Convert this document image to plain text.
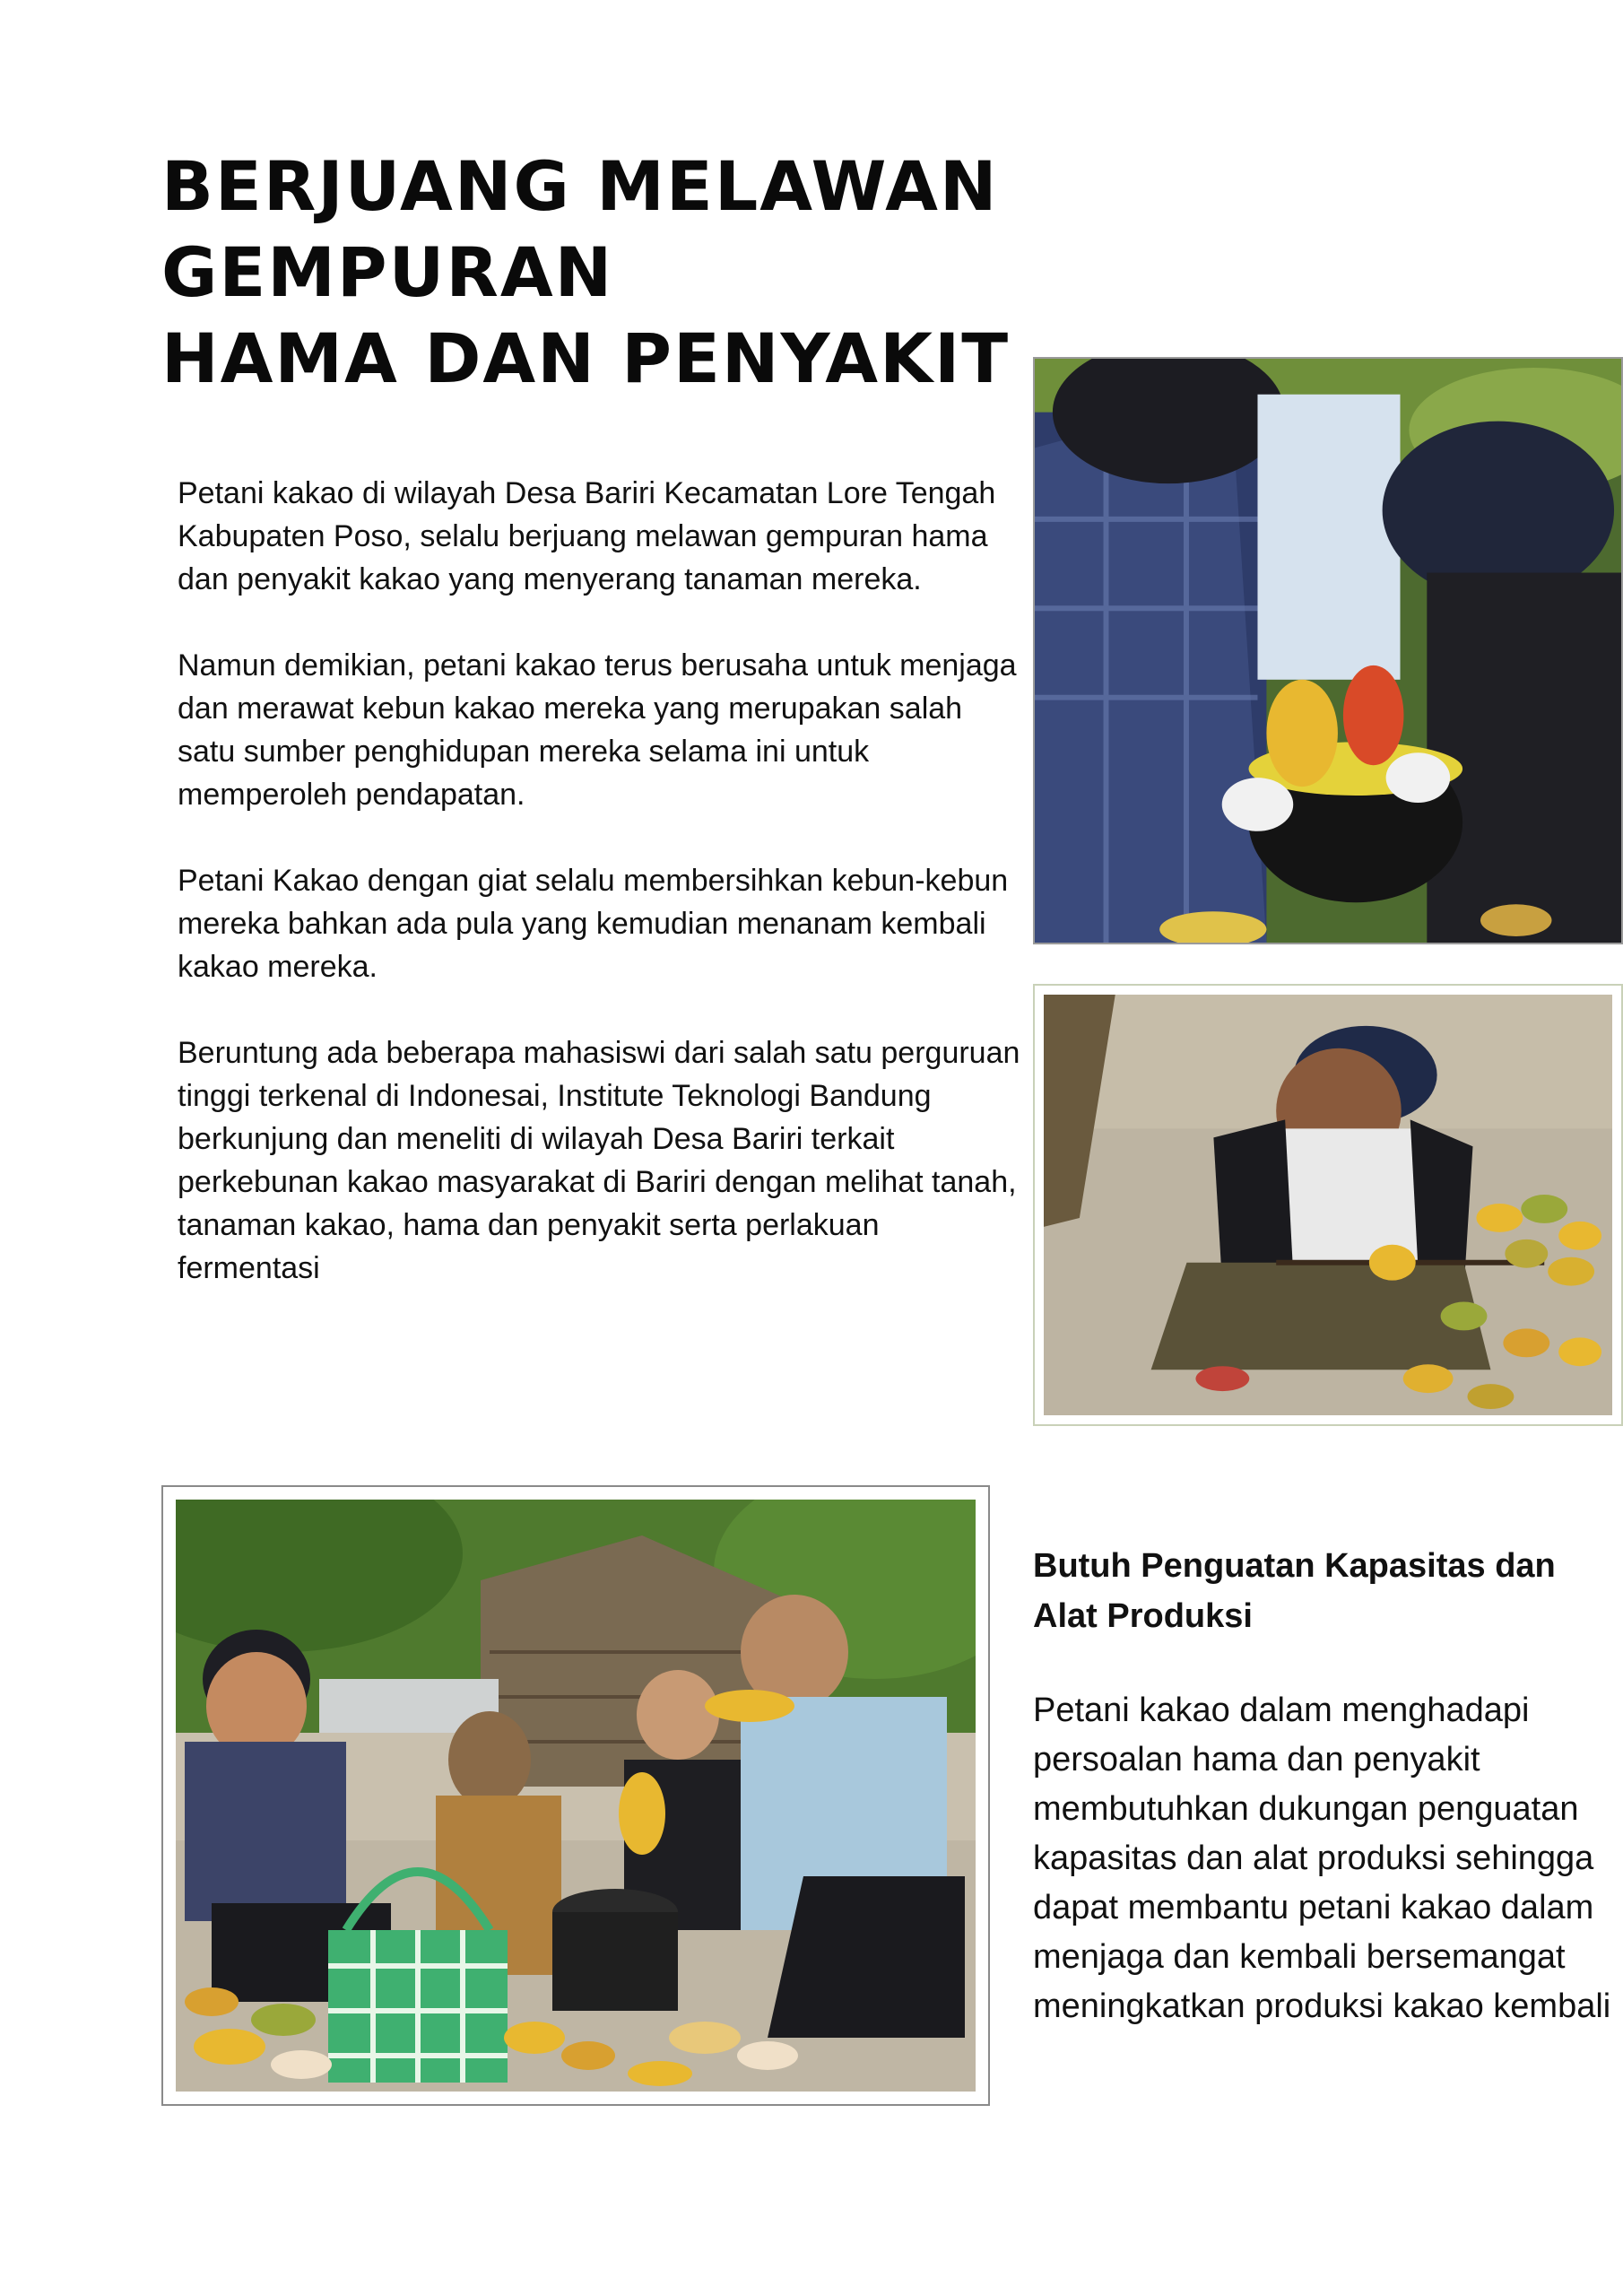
BERJUANG MELAWAN GEMPURAN
HAMA DAN PENYAKIT

Petani kakao di wilayah Desa Bariri Kecamatan Lore Tengah Kabupaten Poso, selalu berjuang melawan gempuran hama dan penyakit kakao yang menyerang tanaman mereka.

Namun demikian, petani kakao terus berusaha untuk menjaga dan merawat kebun kakao mereka yang merupakan salah satu sumber penghidupan mereka selama ini untuk memperoleh pendapatan.

Petani Kakao dengan giat selalu membersihkan kebun-kebun mereka bahkan ada pula yang kemudian menanam kembali kakao mereka.

Beruntung ada beberapa mahasiswi dari salah satu perguruan tinggi terkenal di Indonesai, Institute Teknologi Bandung berkunjung dan meneliti di wilayah Desa Bariri terkait perkebunan kakao masyarakat di Bariri dengan melihat tanah, tanaman kakao, hama dan penyakit serta perlakuan fermentasi

Butuh Penguatan Kapasitas dan Alat Produksi

Petani kakao dalam menghadapi persoalan hama dan penyakit membutuhkan dukungan penguatan kapasitas dan alat produksi sehingga dapat membantu petani kakao dalam menjaga dan kembali bersemangat meningkatkan produksi kakao kembali
